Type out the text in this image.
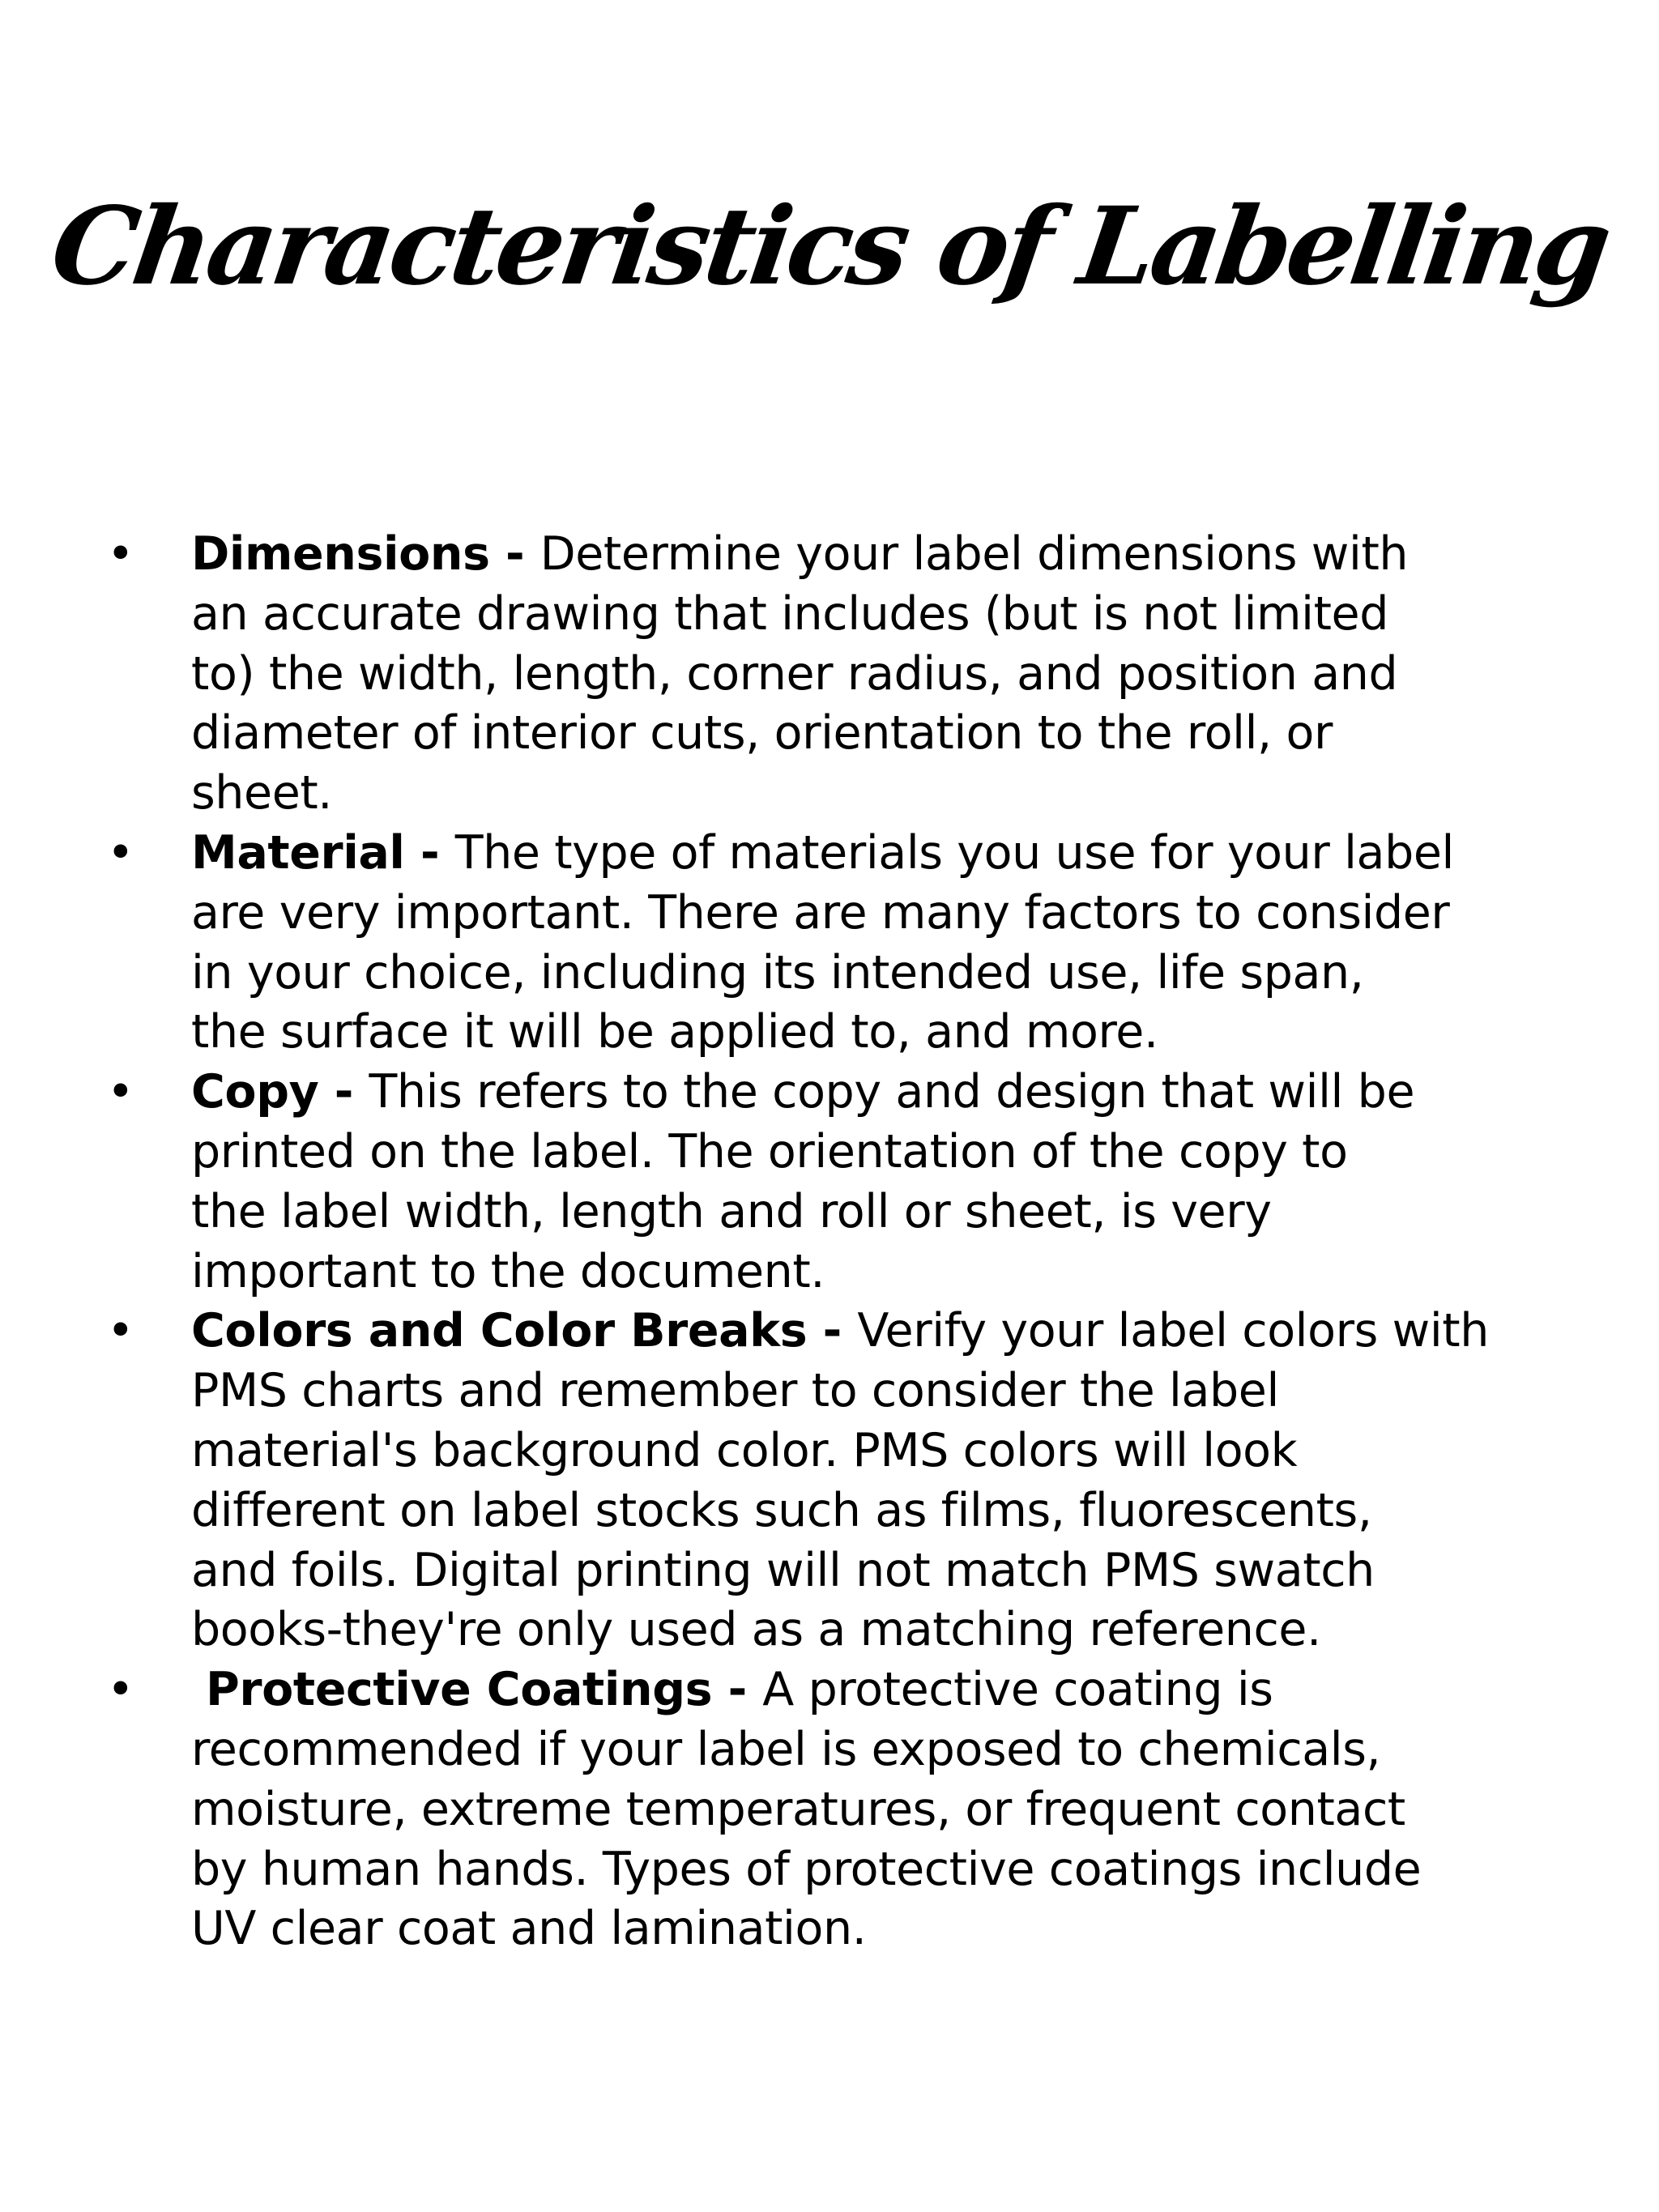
Characteristics of Labelling
• Dimensions - Determine your label dimensions with
an accurate drawing that includes (but is not limited
to) the width, length, corner radius, and position and
diameter of interior cuts, orientation to the roll, or
sheet.
• Material - The type of materials you use for your label
are very important. There are many factors to consider
in your choice, including its intended use, life span,
the surface it will be applied to, and more.
• Copy - This refers to the copy and design that will be
printed on the label. The orientation of the copy to
the label width, length and roll or sheet, is very
important to the document.
• Colors and Color Breaks - Verify your label colors with
PMS charts and remember to consider the label
material's background color. PMS colors will look
different on label stocks such as films, fluorescents,
and foils. Digital printing will not match PMS swatch
books-they're only used as a matching reference.
•	Protective Coatings - A protective coating is
recommended if your label is exposed to chemicals,
moisture, extreme temperatures, or frequent contact
by human hands. Types of protective coatings include
UV clear coat and lamination.
